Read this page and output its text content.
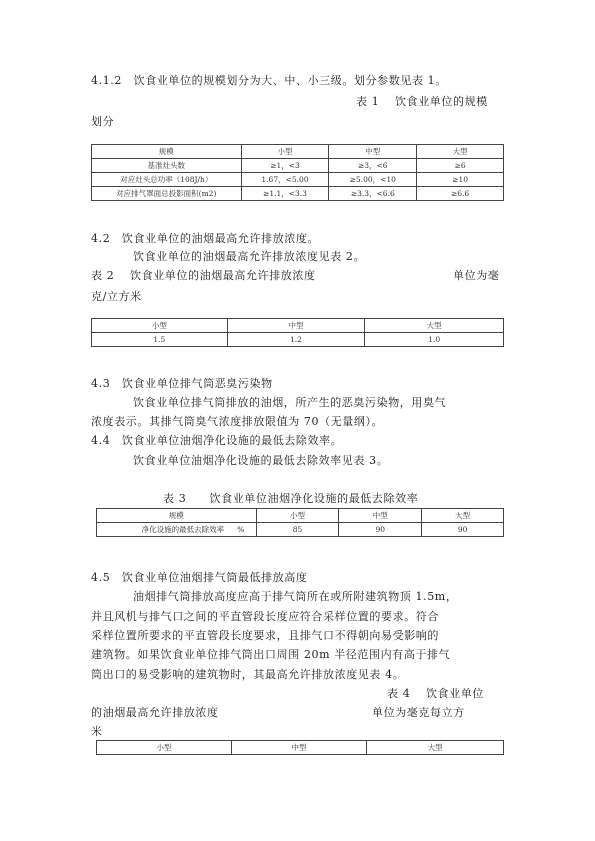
4.1.2　饮食业单位的规模划分为大、中、小三级。划分参数见表 1。
表 1　 饮食业单位的规模
划分
规模	小型	中型	大型
基准灶头数	≥1，<3	≥3，<6	≥6
对应灶头总功率（108J/h）	1.67，<5.00	≥5.00，<10	≥10
对应排气罩面总投影面积(m2)	≥1.1，<3.3	≥3.3，<6.6	≥6.6
4.2　饮食业单位的油烟最高允许排放浓度。
饮食业单位的油烟最高允许排放浓度见表 2。
表 2　 饮食业单位的油烟最高允许排放浓度	单位为毫
克/立方米
小型	中型	大型
1.5	1.2	1.0
4.3　饮食业单位排气筒恶臭污染物
饮食业单位排气筒排放的油烟，所产生的恶臭污染物，用臭气
浓度表示。其排气筒臭气浓度排放限值为 70（无量纲）。
4.4　饮食业单位油烟净化设施的最低去除效率。
饮食业单位油烟净化设施的最低去除效率见表 3。
表 3　　饮食业单位油烟净化设施的最低去除效率
规模		小型	中型	大型
净化设施的最低去除效率	%	85	90	90
4.5　饮食业单位油烟排气筒最低排放高度
油烟排气筒排放高度应高于排气筒所在或所附建筑物顶 1.5m，
并且风机与排气口之间的平直管段长度应符合采样位置的要求。符合
采样位置所要求的平直管段长度要求，且排气口不得朝向易受影响的
建筑物。如果饮食业单位排气筒出口周围 20m 半径范围内有高于排气
筒出口的易受影响的建筑物时，其最高允许排放浓度见表 4。
表 4　 饮食业单位
的油烟最高允许排放浓度	单位为毫克每立方
米
小型	中型	大型
